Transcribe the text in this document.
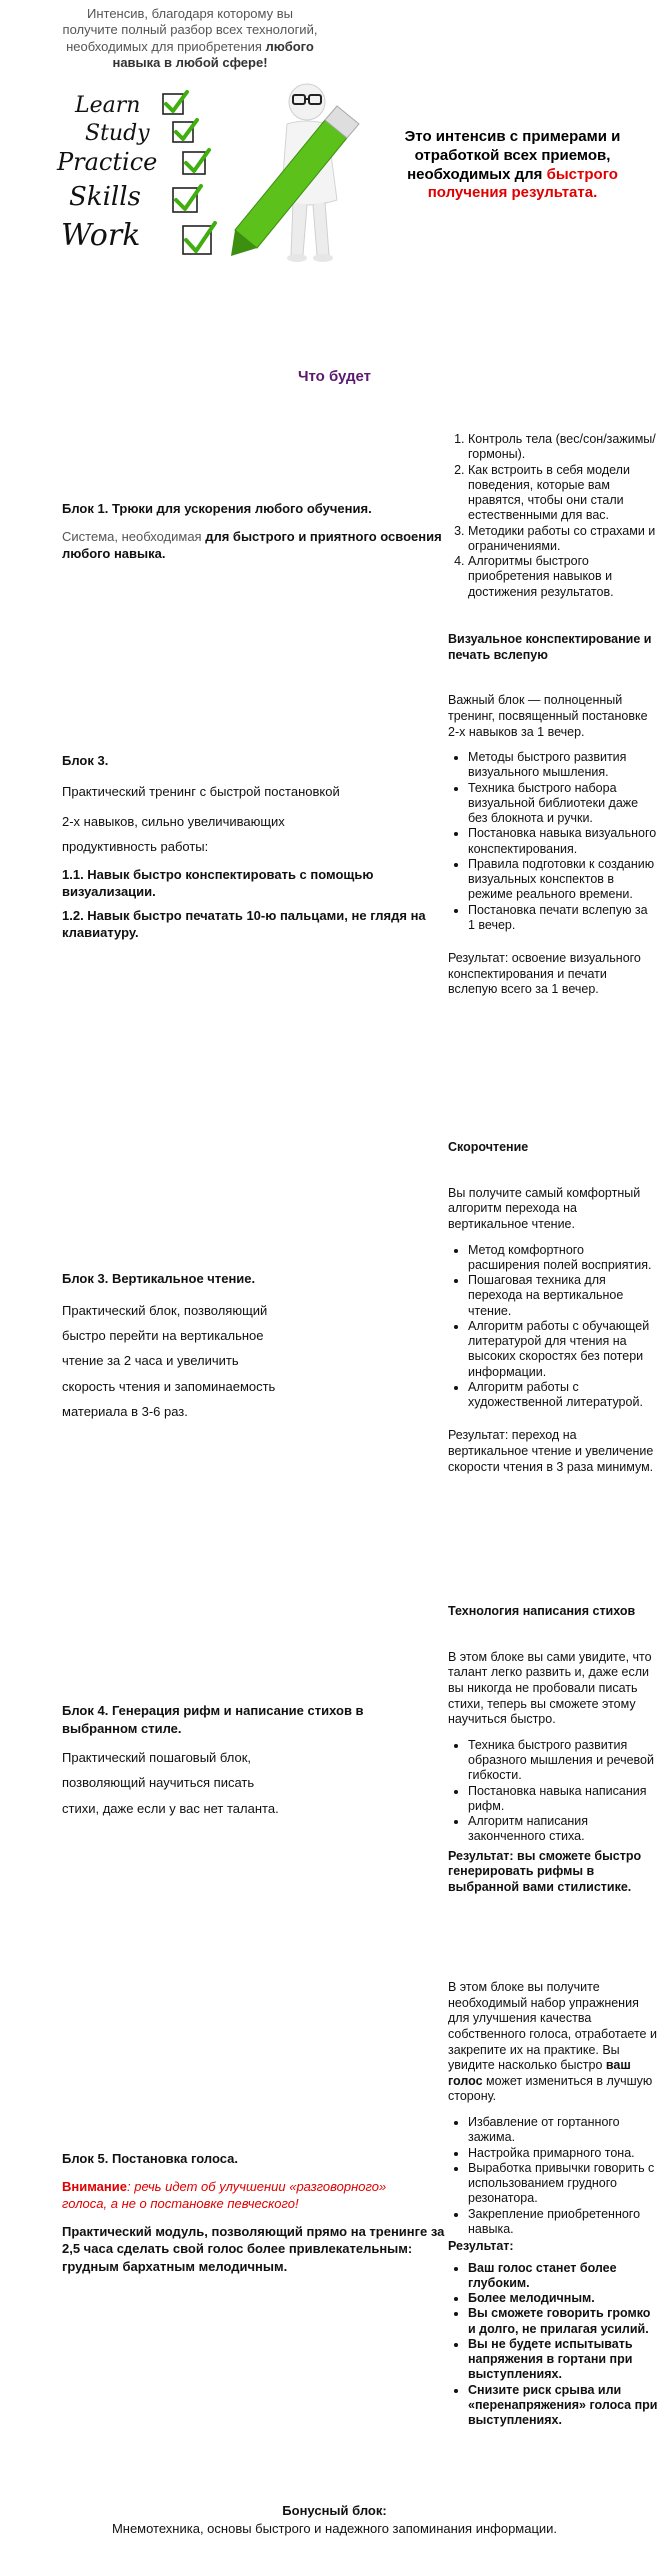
Интенсив, благодаря которому вы получите полный разбор всех технологий, необходимых для приобретения любого навыка в любой сфере!
Learn
Study
Practice
Skills
Work
Это интенсив с примерами и отработкой всех приемов, необходимых для быстрого получения результата.
Что будет

Блок 1. Трюки для ускорения любого обучения.

Система, необходимая для быстрого и приятного освоения любого навыка.

1. Контроль тела (вес/сон/зажимы/гормоны).
2. Как встроить в себя модели поведения, которые вам нравятся, чтобы они стали естественными для вас.
3. Методики работы со страхами и ограничениями.
4. Алгоритмы быстрого приобретения навыков и достижения результатов.

Визуальное конспектирование и печать вслепую

Важный блок — полноценный тренинг, посвященный постановке 2-х навыков за 1 вечер.

• Методы быстрого развития визуального мышления.
• Техника быстрого набора визуальной библиотеки даже без блокнота и ручки.
• Постановка навыка визуального конспектирования.
• Правила подготовки к созданию визуальных конспектов в режиме реального времени.
• Постановка печати вслепую за 1 вечер.

Результат: освоение визуального конспектирования и печати вслепую всего за 1 вечер.

Блок 3.

Практический тренинг с быстрой постановкой

2-х навыков, сильно увеличивающих

продуктивность работы:

1.1. Навык быстро конспектировать с помощью визуализации.

1.2. Навык быстро печатать 10-ю пальцами, не глядя на клавиатуру.

Скорочтение

Вы получите самый комфортный алгоритм перехода на вертикальное чтение.

• Метод комфортного расширения полей восприятия.
• Пошаговая техника для перехода на вертикальное чтение.
• Алгоритм работы с обучающей литературой для чтения на высоких скоростях без потери информации.
• Алгоритм работы с художественной литературой.

Результат: переход на вертикальное чтение и увеличение скорости чтения в 3 раза минимум.

Блок 3. Вертикальное чтение.

Практический блок, позволяющий

быстро перейти на вертикальное

чтение за 2 часа и увеличить

скорость чтения и запоминаемость

материала в 3-6 раз.

Технология написания стихов

В этом блоке вы сами увидите, что талант легко развить и, даже если вы никогда не пробовали писать стихи, теперь вы сможете этому научиться быстро.

• Техника быстрого развития образного мышления и речевой гибкости.
• Постановка навыка написания рифм.
• Алгоритм написания законченного стиха.

Результат: вы сможете быстро генерировать рифмы в выбранной вами стилистике.

Блок 4. Генерация рифм и написание стихов в выбранном стиле.

Практический пошаговый блок,

позволяющий научиться писать

стихи, даже если у вас нет таланта.

В этом блоке вы получите необходимый набор упражнения для улучшения качества собственного голоса, отработаете и закрепите их на практике. Вы увидите насколько быстро ваш голос может измениться в лучшую сторону.

• Избавление от гортанного зажима.
• Настройка примарного тона.
• Выработка привычки говорить с использованием грудного резонатора.
• Закрепление приобретенного навыка.

Результат:

• Ваш голос станет более глубоким.
• Более мелодичным.
• Вы сможете говорить громко и долго, не прилагая усилий.
• Вы не будете испытывать напряжения в гортани при выступлениях.
• Снизите риск срыва или «перенапряжения» голоса при выступлениях.

Блок 5. Постановка голоса.

Внимание: речь идет об улучшении «разговорного» голоса, а не о постановке певческого!

Практический модуль, позволяющий прямо на тренинге за 2,5 часа сделать свой голос более привлекательным: грудным бархатным мелодичным.

Бонусный блок:

Мнемотехника, основы быстрого и надежного запоминания информации.
